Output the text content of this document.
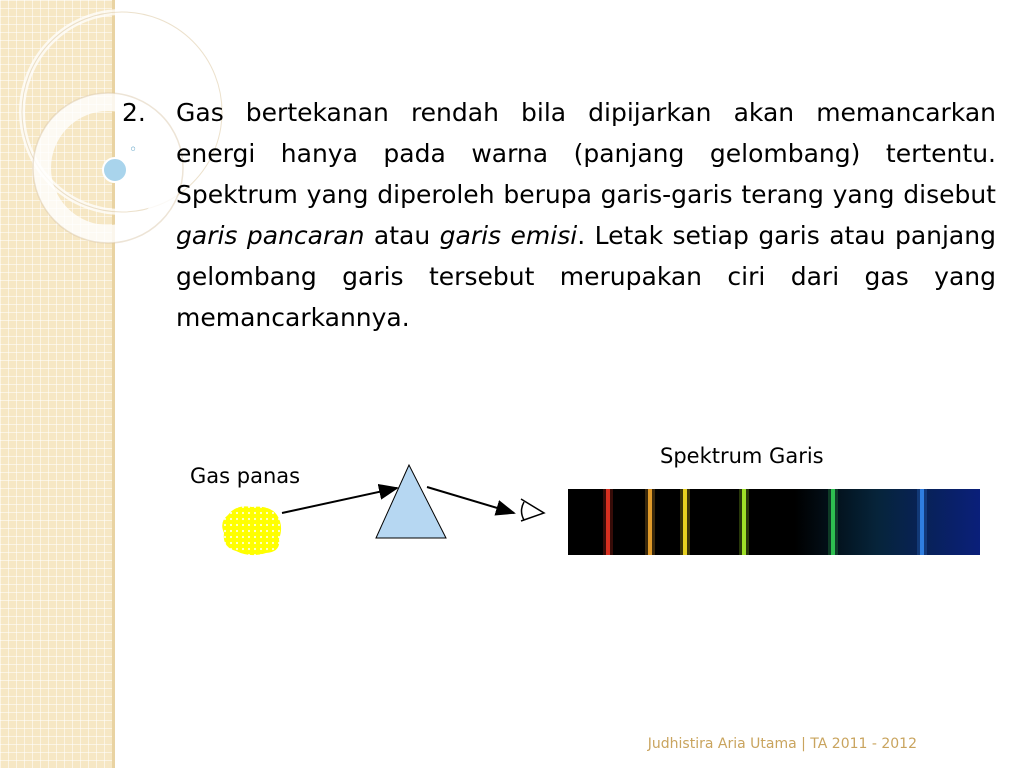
◦
2. Gas bertekanan rendah bila dipijarkan akan memancarkan energi hanya pada warna (panjang gelombang) tertentu. Spektrum yang diperoleh berupa garis-garis terang yang disebut garis pancaran atau garis emisi. Letak setiap garis atau panjang gelombang garis tersebut merupakan ciri dari gas yang memancarkannya.

Gas panas
Spektrum Garis
Judhistira Aria Utama | TA 2011 - 2012
